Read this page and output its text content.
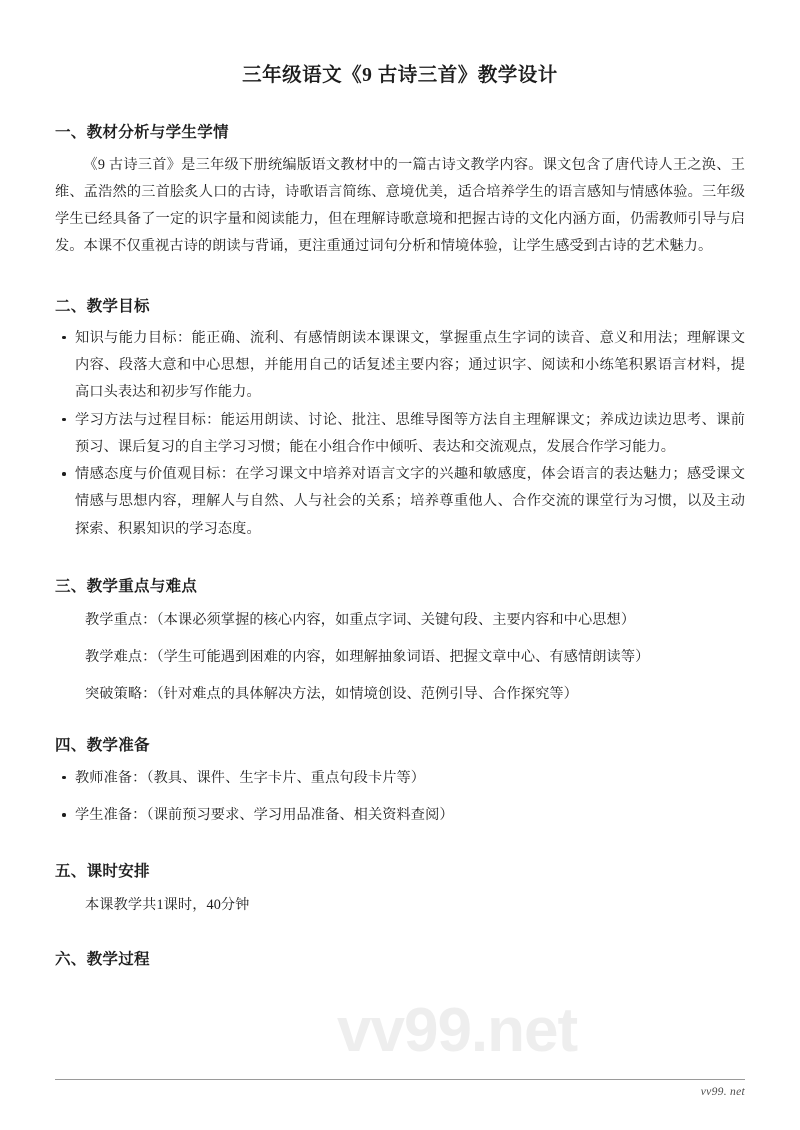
vv99.net
三年级语文《9 古诗三首》教学设计
一、教材分析与学生学情

《9 古诗三首》是三年级下册统编版语文教材中的一篇古诗文教学内容。课文包含了唐代诗人王之涣、王维、孟浩然的三首脍炙人口的古诗，诗歌语言简练、意境优美，适合培养学生的语言感知与情感体验。三年级学生已经具备了一定的识字量和阅读能力，但在理解诗歌意境和把握古诗的文化内涵方面，仍需教师引导与启发。本课不仅重视古诗的朗读与背诵，更注重通过词句分析和情境体验，让学生感受到古诗的艺术魅力。

二、教学目标
知识与能力目标：能正确、流利、有感情朗读本课课文，掌握重点生字词的读音、意义和用法；理解课文内容、段落大意和中心思想，并能用自己的话复述主要内容；通过识字、阅读和小练笔积累语言材料，提高口头表达和初步写作能力。
学习方法与过程目标：能运用朗读、讨论、批注、思维导图等方法自主理解课文；养成边读边思考、课前预习、课后复习的自主学习习惯；能在小组合作中倾听、表达和交流观点，发展合作学习能力。
情感态度与价值观目标：在学习课文中培养对语言文字的兴趣和敏感度，体会语言的表达魅力；感受课文情感与思想内容，理解人与自然、人与社会的关系；培养尊重他人、合作交流的课堂行为习惯，以及主动探索、积累知识的学习态度。
三、教学重点与难点

教学重点：（本课必须掌握的核心内容，如重点字词、关键句段、主要内容和中心思想）

教学难点：（学生可能遇到困难的内容，如理解抽象词语、把握文章中心、有感情朗读等）

突破策略：（针对难点的具体解决方法，如情境创设、范例引导、合作探究等）

四、教学准备
教师准备：（教具、课件、生字卡片、重点句段卡片等）
学生准备：（课前预习要求、学习用品准备、相关资料查阅）
五、课时安排

本课教学共1课时，40分钟

六、教学过程
vv99. net
